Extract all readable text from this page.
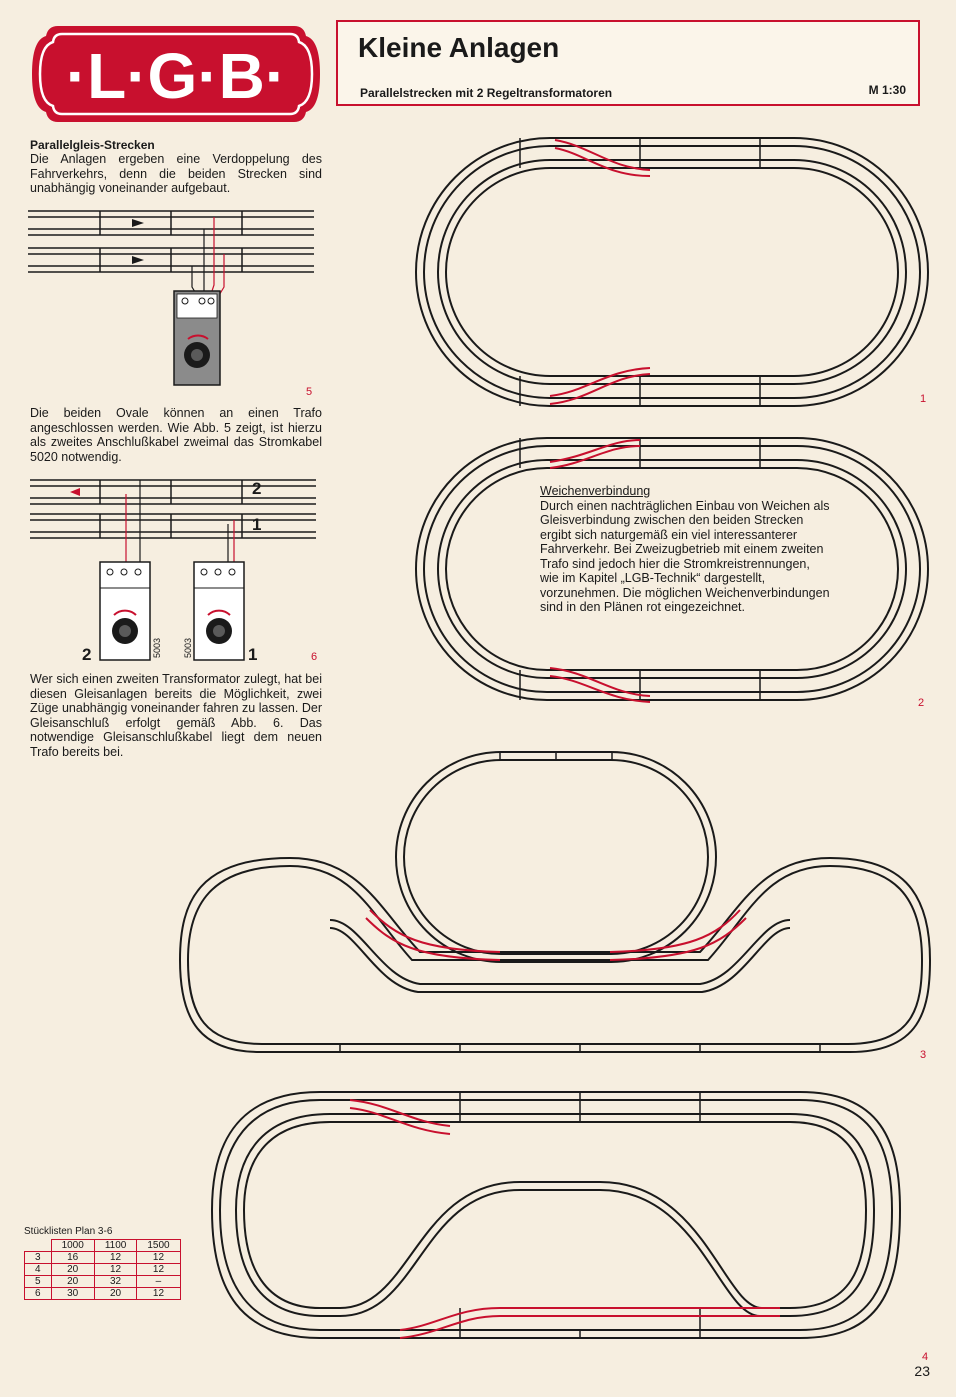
·L·G·B·	Kleine Anlagen
Parallelstrecken mit 2 Regeltransformatoren	M 1:30
Parallelgleis-Strecken
Die Anlagen ergeben eine Verdoppelung des Fahrverkehrs, denn die beiden Strecken sind unabhängig voneinander aufgebaut.
5
Die beiden Ovale können an einen Trafo angeschlossen werden. Wie Abb. 5 zeigt, ist hierzu als zweites Anschlußkabel zweimal das Stromkabel 5020 notwendig.
2
1
2	1
5003 5003	6
Wer sich einen zweiten Transformator zulegt, hat bei diesen Gleisanlagen bereits die Möglichkeit, zwei Züge unabhängig voneinander fahren zu lassen. Der Gleisanschluß erfolgt gemäß Abb. 6. Das notwendige Gleisanschlußkabel liegt dem neuen Trafo bereits bei.
1
2
3
4
Weichenverbindung
Durch einen nachträglichen Einbau von Weichen als Gleisverbindung zwischen den beiden Strecken ergibt sich naturgemäß ein viel interessanterer Fahrverkehr. Bei Zweizugbetrieb mit einem zweiten Trafo sind jedoch hier die Stromkreistrennungen, wie im Kapitel „LGB-Technik“ dargestellt, vorzunehmen. Die möglichen Weichenverbindungen sind in den Plänen rot eingezeichnet.
Stücklisten Plan 3-6
	1000	1100	1500
3	16	12	12
4	20	12	12
5	20	32	–
6	30	20	12
23
